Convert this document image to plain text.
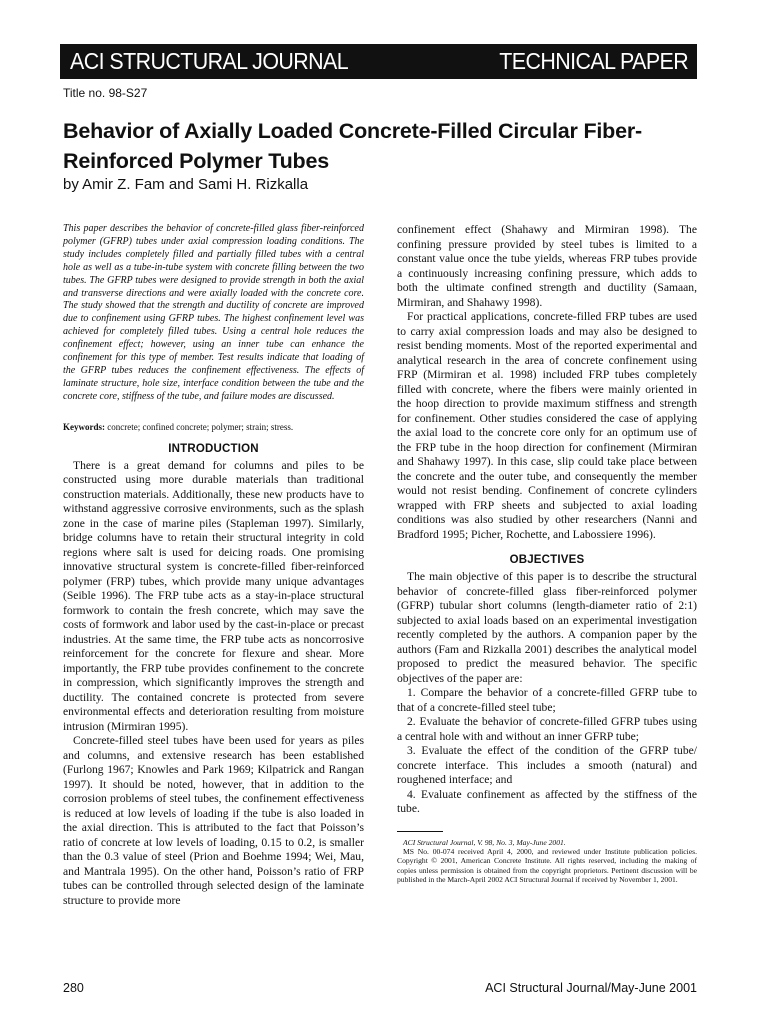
ACI STRUCTURAL JOURNAL	TECHNICAL PAPER
Title no. 98-S27
Behavior of Axially Loaded Concrete-Filled Circular Fiber-Reinforced Polymer Tubes
by Amir Z. Fam and Sami H. Rizkalla

This paper describes the behavior of concrete-filled glass fiber-reinforced polymer (GFRP) tubes under axial compression loading conditions. The study includes completely filled and partially filled tubes with a central hole as well as a tube-in-tube system with concrete filling between the two tubes. The GFRP tubes were designed to provide strength in both the axial and transverse directions and were axially loaded with the concrete core. The study showed that the strength and ductility of concrete are improved due to confinement using GFRP tubes. The highest confinement level was achieved for completely filled tubes. Using a central hole reduces the confinement effect; however, using an inner tube can enhance the confinement for this type of member. Test results indicate that loading of the GFRP tubes reduces the confinement effectiveness. The effects of laminate structure, hole size, interface condition between the tube and the concrete core, stiffness of the tube, and failure modes are discussed.

Keywords: concrete; confined concrete; polymer; strain; stress.

INTRODUCTION

There is a great demand for columns and piles to be constructed using more durable materials than traditional construction materials. Additionally, these new products have to withstand aggressive corrosive environments, such as the splash zone in the case of marine piles (Stapleman 1997). Similarly, bridge columns have to retain their structural integrity in cold regions where salt is used for deicing roads. One promising innovative structural system is concrete-filled fiber-reinforced polymer (FRP) tubes, which provide many unique advantages (Seible 1996). The FRP tube acts as a stay-in-place structural formwork to contain the fresh concrete, which may save the costs of formwork and labor used by the cast-in-place or precast industries. At the same time, the FRP tube acts as noncorrosive reinforcement for the concrete for flexure and shear. More importantly, the FRP tube provides confinement to the concrete in compression, which significantly improves the strength and ductility. The contained concrete is protected from severe environmental effects and deterioration resulting from moisture intrusion (Mirmiran 1995).

Concrete-filled steel tubes have been used for years as piles and columns, and extensive research has been established (Furlong 1967; Knowles and Park 1969; Kilpatrick and Rangan 1997). It should be noted, however, that in addition to the corrosion problems of steel tubes, the confinement effectiveness is reduced at low levels of loading if the tube is also loaded in the axial direction. This is attributed to the fact that Poisson’s ratio of concrete at low levels of loading, 0.15 to 0.2, is smaller than the 0.3 value of steel (Prion and Boehme 1994; Wei, Mau, and Mantrala 1995). On the other hand, Poisson’s ratio of FRP tubes can be controlled through selected design of the laminate structure to provide more

confinement effect (Shahawy and Mirmiran 1998). The confining pressure provided by steel tubes is limited to a constant value once the tube yields, whereas FRP tubes provide a continuously increasing confining pressure, which adds to both the ultimate confined strength and ductility (Samaan, Mirmiran, and Shahawy 1998).

For practical applications, concrete-filled FRP tubes are used to carry axial compression loads and may also be designed to resist bending moments. Most of the reported experimental and analytical research in the area of concrete confinement using FRP (Mirmiran et al. 1998) included FRP tubes completely filled with concrete, where the fibers were mainly oriented in the hoop direction to provide maximum stiffness and strength for confinement. Other studies considered the case of applying the axial load to the concrete core only for an optimum use of the FRP tube in the hoop direction for confinement (Mirmiran and Shahawy 1997). In this case, slip could take place between the concrete and the outer tube, and consequently the member would not resist bending. Confinement of concrete cylinders wrapped with FRP sheets and subjected to axial loading conditions was also studied by other researchers (Nanni and Bradford 1995; Picher, Rochette, and Labossiere 1996).

OBJECTIVES

The main objective of this paper is to describe the structural behavior of concrete-filled glass fiber-reinforced polymer (GFRP) tubular short columns (length-diameter ratio of 2:1) subjected to axial loads based on an experimental investigation recently completed by the authors. A companion paper by the authors (Fam and Rizkalla 2001) describes the analytical model proposed to predict the measured behavior. The specific objectives of the paper are:

1. Compare the behavior of a concrete-filled GFRP tube to that of a concrete-filled steel tube;

2. Evaluate the behavior of concrete-filled GFRP tubes using a central hole with and without an inner GFRP tube;

3. Evaluate the effect of the condition of the GFRP tube/ concrete interface. This includes a smooth (natural) and roughened interface; and

4. Evaluate confinement as affected by the stiffness of the tube.

ACI Structural Journal, V. 98, No. 3, May-June 2001.

MS No. 00-074 received April 4, 2000, and reviewed under Institute publication policies. Copyright © 2001, American Concrete Institute. All rights reserved, including the making of copies unless permission is obtained from the copyright proprietors. Pertinent discussion will be published in the March-April 2002 ACI Structural Journal if received by November 1, 2001.

280	ACI Structural Journal/May-June 2001
